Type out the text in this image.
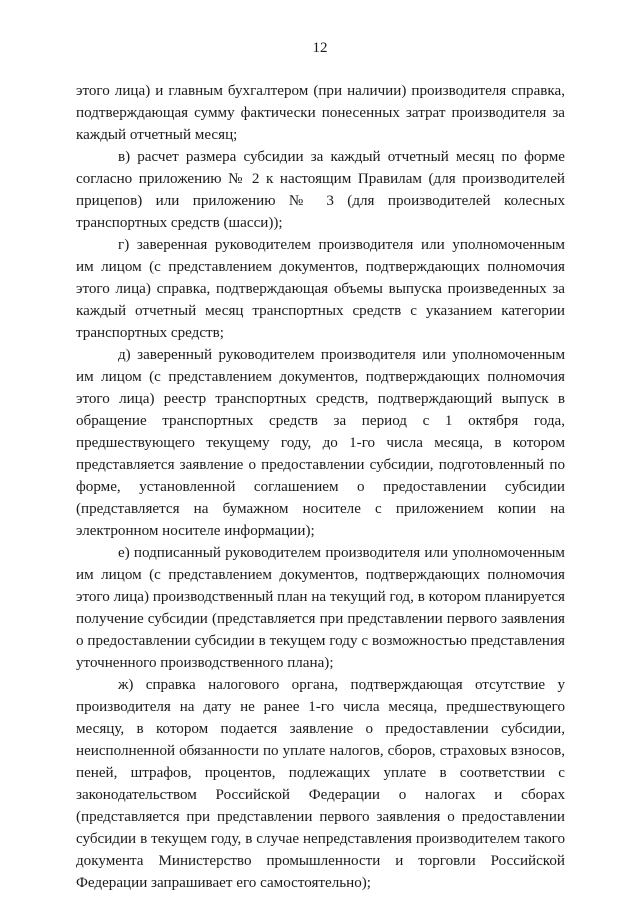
12

этого лица) и главным бухгалтером (при наличии) производителя справка, подтверждающая сумму фактически понесенных затрат производителя за каждый отчетный месяц;

в) расчет размера субсидии за каждый отчетный месяц по форме согласно приложению № 2 к настоящим Правилам (для производителей прицепов) или приложению № 3 (для производителей колесных транспортных средств (шасси));

г) заверенная руководителем производителя или уполномоченным им лицом (с представлением документов, подтверждающих полномочия этого лица) справка, подтверждающая объемы выпуска произведенных за каждый отчетный месяц транспортных средств с указанием категории транспортных средств;

д) заверенный руководителем производителя или уполномоченным им лицом (с представлением документов, подтверждающих полномочия этого лица) реестр транспортных средств, подтверждающий выпуск в обращение транспортных средств за период с 1 октября года, предшествующего текущему году, до 1-го числа месяца, в котором представляется заявление о предоставлении субсидии, подготовленный по форме, установленной соглашением о предоставлении субсидии (представляется на бумажном носителе с приложением копии на электронном носителе информации);

е) подписанный руководителем производителя или уполномоченным им лицом (с представлением документов, подтверждающих полномочия этого лица) производственный план на текущий год, в котором планируется получение субсидии (представляется при представлении первого заявления о предоставлении субсидии в текущем году с возможностью представления уточненного производственного плана);

ж) справка налогового органа, подтверждающая отсутствие у производителя на дату не ранее 1-го числа месяца, предшествующего месяцу, в котором подается заявление о предоставлении субсидии, неисполненной обязанности по уплате налогов, сборов, страховых взносов, пеней, штрафов, процентов, подлежащих уплате в соответствии с законодательством Российской Федерации о налогах и сборах (представляется при представлении первого заявления о предоставлении субсидии в текущем году, в случае непредставления производителем такого документа Министерство промышленности и торговли Российской Федерации запрашивает его самостоятельно);
